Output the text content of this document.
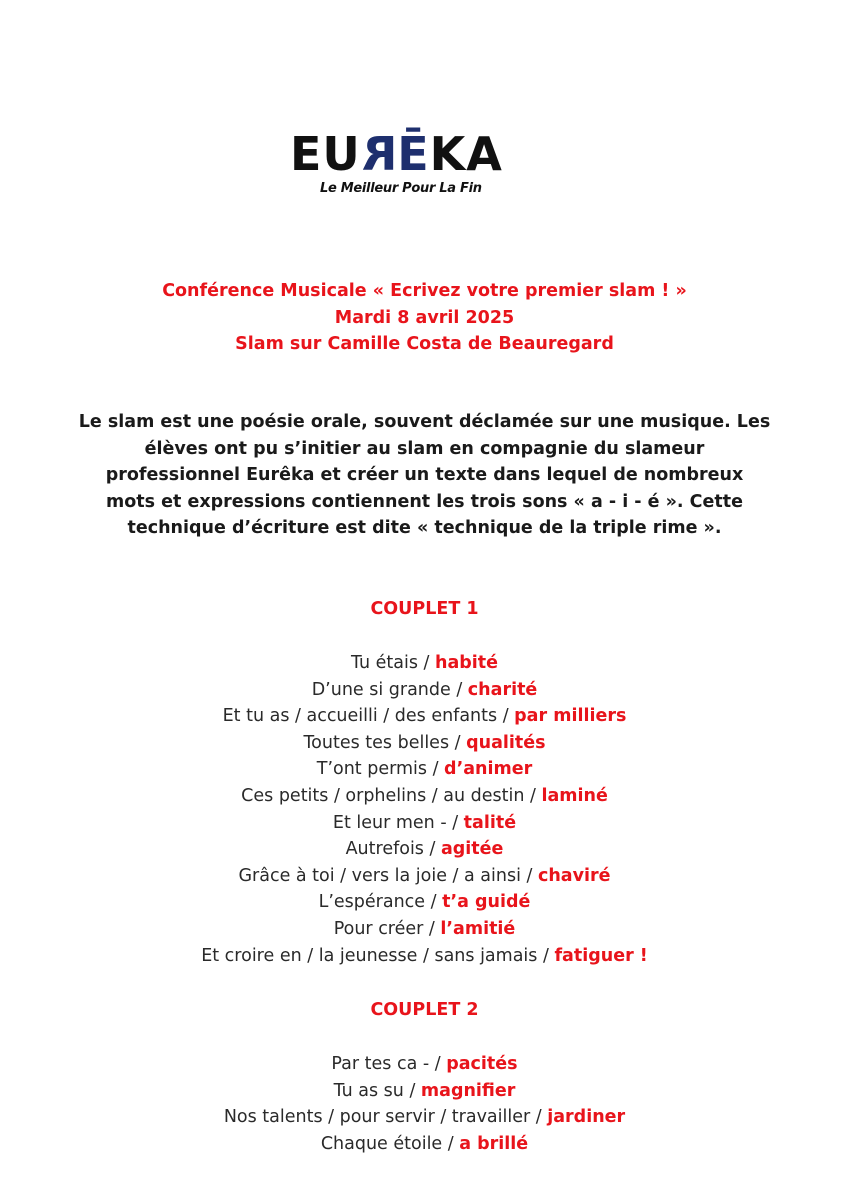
EURĒKA
Le Meilleur Pour La Fin
Conférence Musicale « Ecrivez votre premier slam ! »
Mardi 8 avril 2025
Slam sur Camille Costa de Beauregard
Le slam est une poésie orale, souvent déclamée sur une musique. Les
élèves ont pu s’initier au slam en compagnie du slameur
professionnel Eurêka et créer un texte dans lequel de nombreux
mots et expressions contiennent les trois sons « a - i - é ». Cette
technique d’écriture est dite « technique de la triple rime ».
COUPLET 1
Tu étais / habité
D’une si grande / charité
Et tu as / accueilli / des enfants / par milliers
Toutes tes belles / qualités
T’ont permis / d’animer
Ces petits / orphelins / au destin / laminé
Et leur men - / talité
Autrefois / agitée
Grâce à toi / vers la joie / a ainsi / chaviré
L’espérance / t’a guidé
Pour créer / l’amitié
Et croire en / la jeunesse / sans jamais / fatiguer !
COUPLET 2
Par tes ca - / pacités
Tu as su / magnifier
Nos talents / pour servir / travailler / jardiner
Chaque étoile / a brillé
